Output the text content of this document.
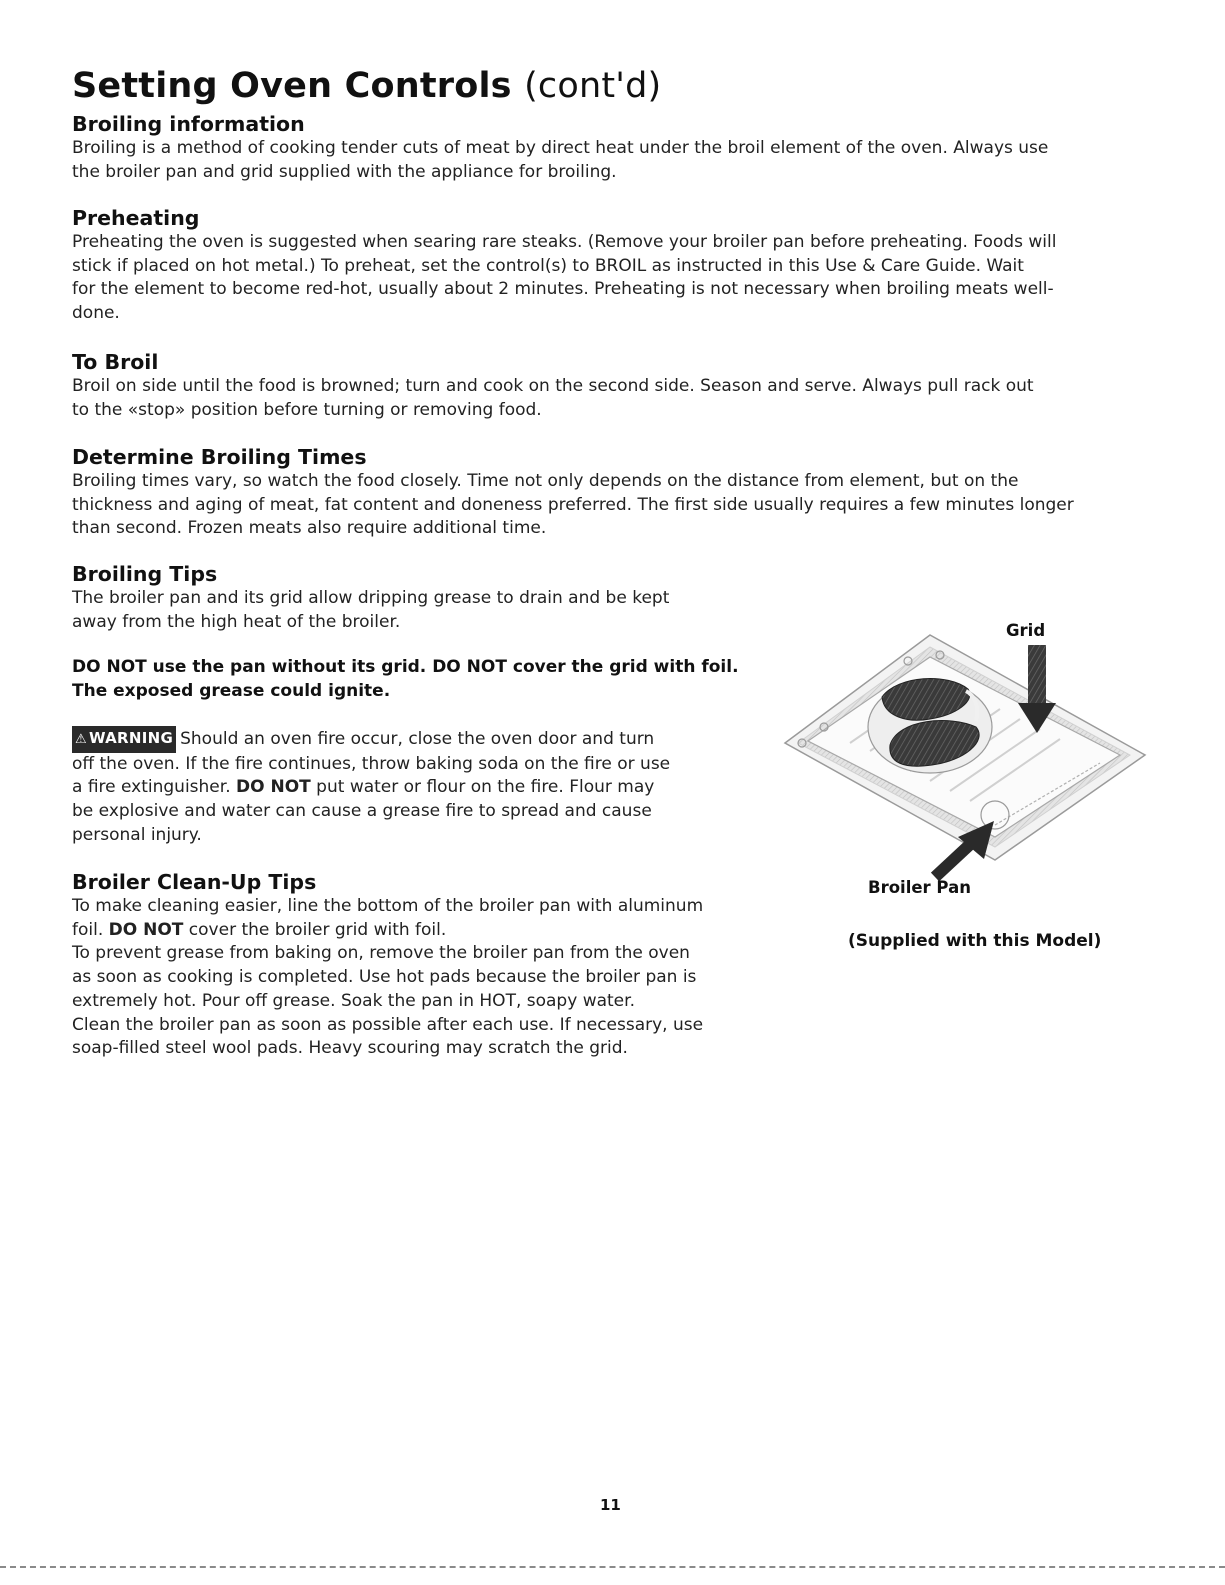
Setting Oven Controls (cont'd)
Broiling information

Broiling is a method of cooking tender cuts of meat by direct heat under the broil element of the oven. Always use

the broiler pan and grid supplied with the appliance for broiling.

Preheating

Preheating the oven is suggested when searing rare steaks. (Remove your broiler pan before preheating. Foods will

stick if placed on hot metal.) To preheat, set the control(s) to BROIL as instructed in this Use & Care Guide. Wait

for the element to become red-hot, usually about 2 minutes. Preheating is not necessary when broiling meats well-

done.

To Broil

Broil on side until the food is browned; turn and cook on the second side. Season and serve. Always pull rack out

to the «stop» position before turning or removing food.

Determine Broiling Times

Broiling times vary, so watch the food closely. Time not only depends on the distance from element, but on the

thickness and aging of meat, fat content and doneness preferred. The first side usually requires a few minutes longer

than second. Frozen meats also require additional time.

Broiling Tips

The broiler pan and its grid allow dripping grease to drain and be kept

away from the high heat of the broiler.

DO NOT use the pan without its grid. DO NOT cover the grid with foil.

The exposed grease could ignite.

⚠ WARNING Should an oven fire occur, close the oven door and turn

off the oven. If the fire continues, throw baking soda on the fire or use

a fire extinguisher. DO NOT put water or flour on the fire. Flour may

be explosive and water can cause a grease fire to spread and cause

personal injury.

Broiler Clean-Up Tips

To make cleaning easier, line the bottom of the broiler pan with aluminum

foil. DO NOT cover the broiler grid with foil.

To prevent grease from baking on, remove the broiler pan from the oven

as soon as cooking is completed. Use hot pads because the broiler pan is

extremely hot. Pour off grease. Soak the pan in HOT, soapy water.

Clean the broiler pan as soon as possible after each use. If necessary, use

soap-filled steel wool pads. Heavy scouring may scratch the grid.

Grid
Broiler Pan
(Supplied with this Model)
11
